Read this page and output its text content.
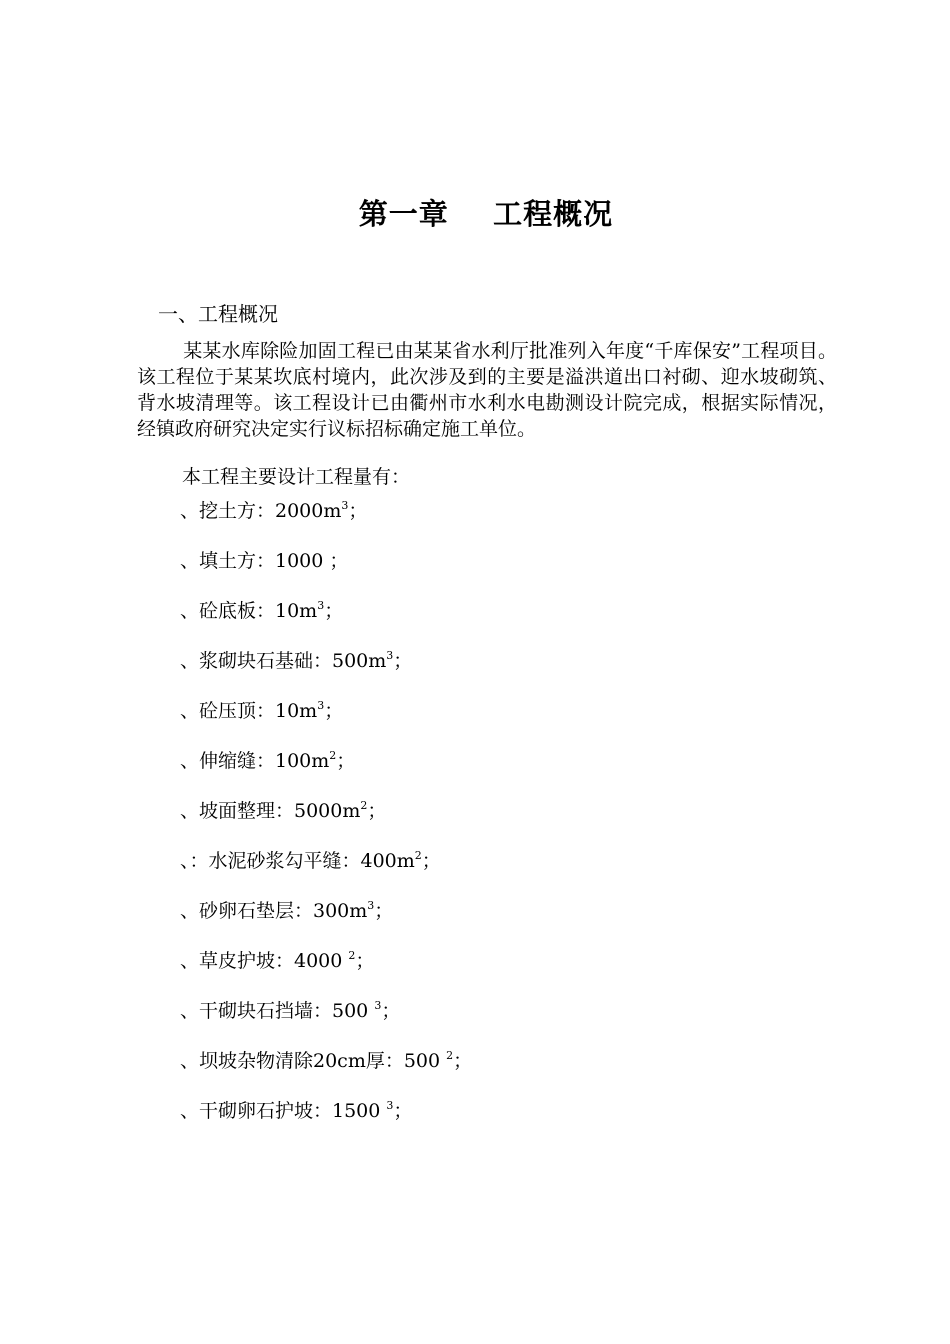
第一章    工程概况
一、工程概况

某某水库除险加固工程已由某某省水利厅批准列入年度“千库保安”工程项目。该工程位于某某坎底村境内，此次涉及到的主要是溢洪道出口衬砌、迎水坡砌筑、背水坡清理等。该工程设计已由衢州市水利水电勘测设计院完成，根据实际情况，经镇政府研究决定实行议标招标确定施工单位。

本工程主要设计工程量有：
、挖土方：$2000m^3$；
、填土方：1000 ；
、砼底板：$10m^3$；
、浆砌块石基础：$500m^3$；
、砼压顶：$10m^3$；
、伸缩缝：$100m^2$；
、坡面整理：$5000m^2$；
、：水泥砂浆勾平缝：$400m^2$；
、砂卵石垫层：$300m^3$；
、草皮护坡：4000 $^2$；
、干砌块石挡墙：500 $^3$；
、坝坡杂物清除20cm厚：500 $^2$；
、干砌卵石护坡：1500 $^3$；
